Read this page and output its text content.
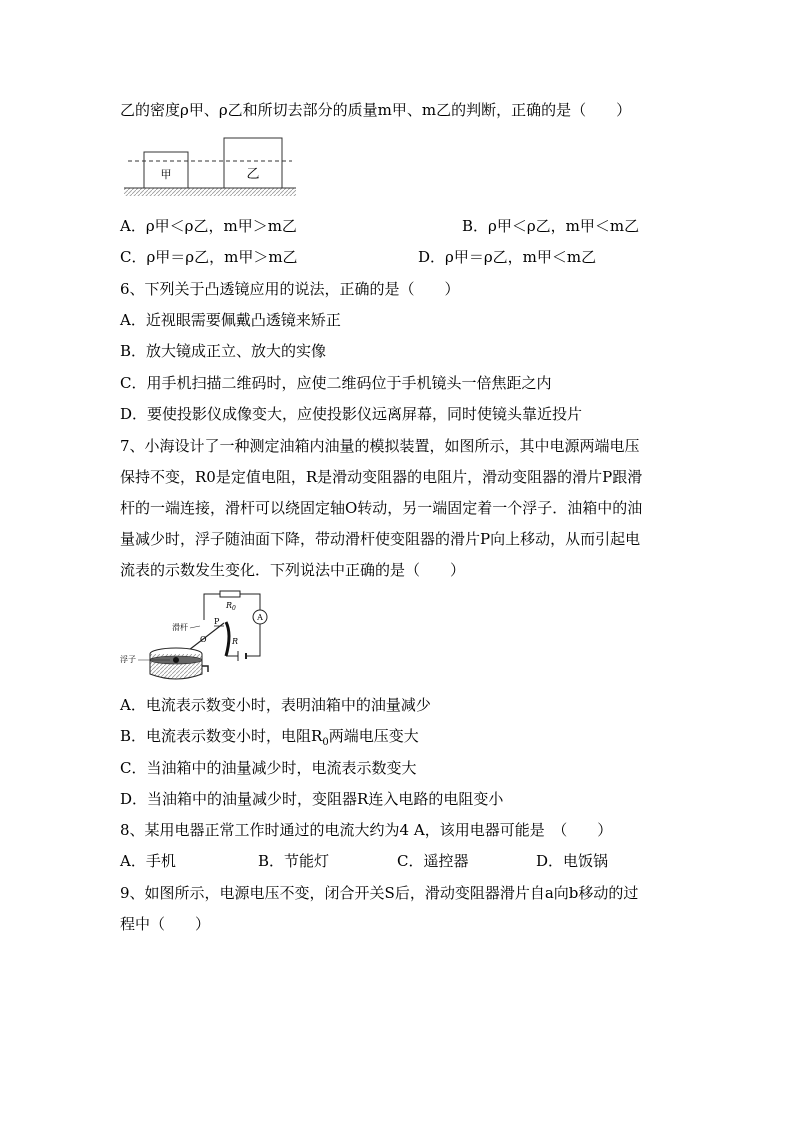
乙的密度ρ甲、ρ乙和所切去部分的质量m甲、m乙的判断，正确的是（　　）
甲	乙
A．ρ甲＜ρ乙，m甲＞m乙	B．ρ甲＜ρ乙，m甲＜m乙
C．ρ甲＝ρ乙，m甲＞m乙	D．ρ甲＝ρ乙，m甲＜m乙
6、下列关于凸透镜应用的说法，正确的是（　　）
A．近视眼需要佩戴凸透镜来矫正
B．放大镜成正立、放大的实像
C．用手机扫描二维码时，应使二维码位于手机镜头一倍焦距之内
D．要使投影仪成像变大，应使投影仪远离屏幕，同时使镜头靠近投片
7、小海设计了一种测定油箱内油量的模拟装置，如图所示，其中电源两端电压
保持不变，R0是定值电阻，R是滑动变阻器的电阻片，滑动变阻器的滑片P跟滑
杆的一端连接，滑杆可以绕固定轴O转动，另一端固定着一个浮子．油箱中的油
量减少时，浮子随油面下降，带动滑杆使变阻器的滑片P向上移动，从而引起电
流表的示数发生变化．下列说法中正确的是（　　）
$R_0$
A
R
滑杆
O
P
浮子
A．电流表示数变小时，表明油箱中的油量减少
B．电流表示数变小时，电阻$R_0$两端电压变大
C．当油箱中的油量减少时，电流表示数变大
D．当油箱中的油量减少时，变阻器R连入电路的电阻变小
8、某用电器正常工作时通过的电流大约为4 A，该用电器可能是　（　　）
A．手机	B．节能灯	C．遥控器	D．电饭锅
9、如图所示，电源电压不变，闭合开关S后，滑动变阻器滑片自a向b移动的过
程中（　　）
